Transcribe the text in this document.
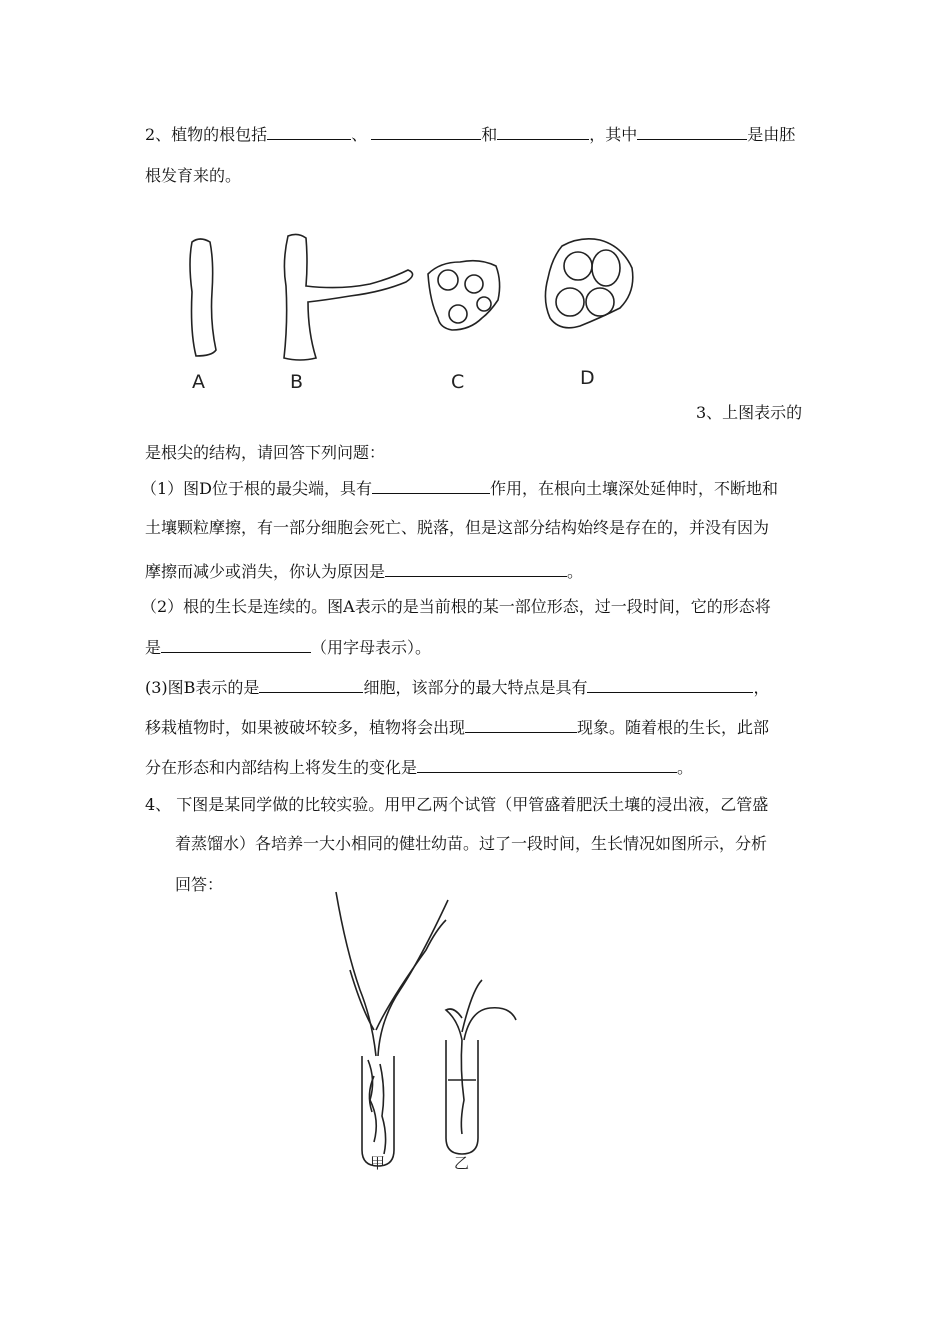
2、植物的根包括	、	和	，其中	是由胚
根发育来的。
A	B	C	D
3、上图表示的
是根尖的结构，请回答下列问题：
（1）图D位于根的最尖端，具有	作用，在根向土壤深处延伸时，不断地和
土壤颗粒摩擦，有一部分细胞会死亡、脱落，但是这部分结构始终是存在的，并没有因为
摩擦而减少或消失，你认为原因是	。
（2）根的生长是连续的。图A表示的是当前根的某一部位形态，过一段时间，它的形态将
是	（用字母表示）。
(3)图B表示的是	细胞，该部分的最大特点是具有	，
移栽植物时，如果被破坏较多，植物将会出现	现象。随着根的生长，此部
分在形态和内部结构上将发生的变化是	。
4、 下图是某同学做的比较实验。用甲乙两个试管（甲管盛着肥沃土壤的浸出液，乙管盛
着蒸馏水）各培养一大小相同的健壮幼苗。过了一段时间，生长情况如图所示，分析
回答：
甲	乙
